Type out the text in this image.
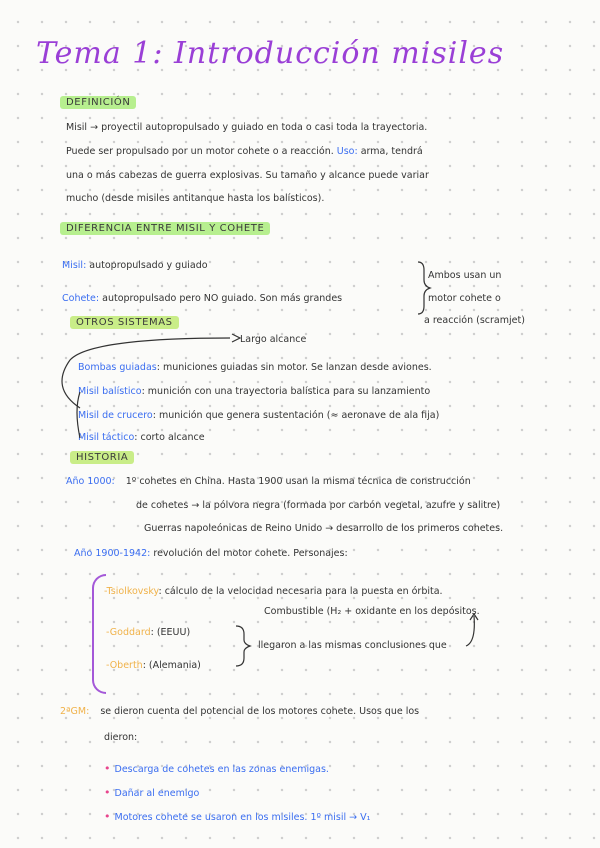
Tema 1: Introducción misiles
DEFINICIÓN
Misil → proyectil autopropulsado y guiado en toda o casi toda la trayectoria.
Puede ser propulsado por un motor cohete o a reacción. Uso: arma, tendrá
una o más cabezas de guerra explosivas. Su tamaño y alcance puede variar
mucho (desde misiles antitanque hasta los balísticos).
DIFERENCIA ENTRE MISIL Y COHETE
Misil: autopropulsado y guiado
Cohete: autopropulsado pero NO guiado. Son más grandes
Ambos usan un
motor cohete o
a reacción (scramjet)
OTROS SISTEMAS
Largo alcance
Bombas guiadas: municiones guiadas sin motor. Se lanzan desde aviones.
Misil balístico: munición con una trayectoria balística para su lanzamiento
Misil de crucero: munición que genera sustentación (≈ aeronave de ala fija)
Misil táctico: corto alcance
HISTORIA
Año 1000: 1º cohetes en China. Hasta 1900 usan la misma técnica de construcción
de cohetes → la pólvora negra (formada por carbón vegetal, azufre y salitre)
Guerras napoleónicas de Reino Unido → desarrollo de los primeros cohetes.
Año 1900-1942: revolución del motor cohete. Personajes:
-Tsiolkovsky: cálculo de la velocidad necesaria para la puesta en órbita.
Combustible (H₂ + oxidante en los depósitos.
-Goddard: (EEUU)
llegaron a las mismas conclusiones que
-Oberth: (Alemania)
2ªGM: se dieron cuenta del potencial de los motores cohete. Usos que los
dieron:
• Descarga de cohetes en las zonas enemigas.
• Dañar al enemigo
• Motores cohete se usaron en los misiles. 1º misil → V₁
